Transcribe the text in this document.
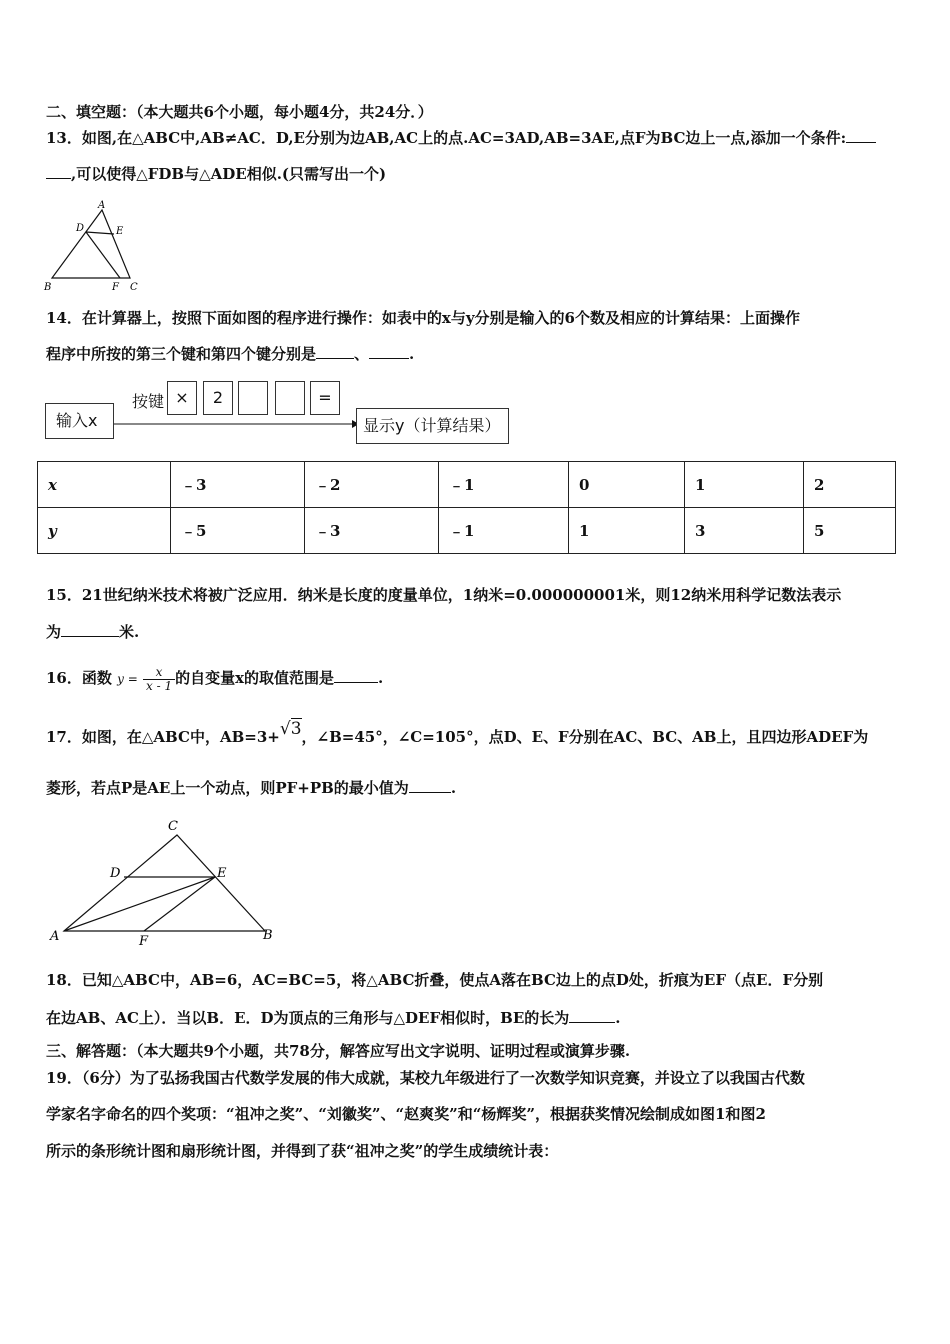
二、填空题：（本大题共6个小题，每小题4分，共24分．）
13．如图,在△ABC中,AB≠AC．D,E分别为边AB,AC上的点.AC=3AD,AB=3AE,点F为BC边上一点,添加一个条件:
,可以使得△FDB与△ADE相似.(只需写出一个)
A
D	E
B	F C
14．在计算器上，按照下面如图的程序进行操作：如表中的x与y分别是输入的6个数及相应的计算结果：上面操作
程序中所按的第三个键和第四个键分别是	、	.
输入x
按键 ×	2	=
显示y（计算结果）
x	﹣3	﹣2	﹣1	0	1	2
y	﹣5	﹣3	﹣1	1	3	5
15．21世纪纳米技术将被广泛应用．纳米是长度的度量单位，1纳米=0.000000001米，则12纳米用科学记数法表示
为	米.
16．函数 $y = \frac{x}{x - 1}$ 的自变量x的取值范围是	.
17．如图，在△ABC中，AB=3+√3，∠B=45°，∠C=105°，点D、E、F分别在AC、BC、AB上，且四边形ADEF为
菱形，若点P是AE上一个动点，则PF+PB的最小值为	.
C
D	E
A	F	B
18．已知△ABC中，AB=6，AC=BC=5，将△ABC折叠，使点A落在BC边上的点D处，折痕为EF（点E．F分别
在边AB、AC上）．当以B．E．D为顶点的三角形与△DEF相似时，BE的长为	.
三、解答题：（本大题共9个小题，共78分，解答应写出文字说明、证明过程或演算步骤.
19．（6分）为了弘扬我国古代数学发展的伟大成就，某校九年级进行了一次数学知识竞赛，并设立了以我国古代数
学家名字命名的四个奖项：“祖冲之奖”、“刘徽奖”、“赵爽奖”和“杨辉奖”，根据获奖情况绘制成如图1和图2
所示的条形统计图和扇形统计图，并得到了获“祖冲之奖”的学生成绩统计表：
